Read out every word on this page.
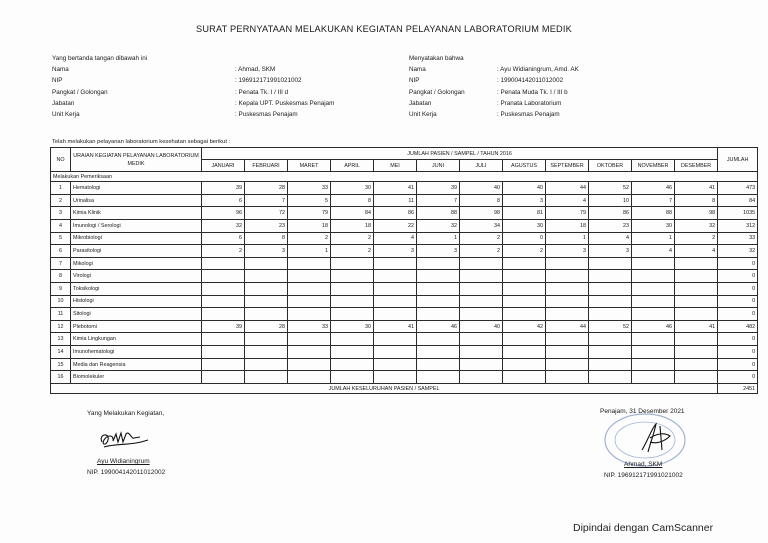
SURAT PERNYATAAN MELAKUKAN KEGIATAN PELAYANAN LABORATORIUM MEDIK
Yang bertanda tangan dibawah ini
Nama	: Ahmad, SKM
NIP	: 196912171991021002
Pangkat / Golongan	: Penata Tk. I / III d
Jabatan	: Kepala UPT. Puskesmas Penajam
Unit Kerja	: Puskesmas Penajam
Menyatakan bahwa
Nama	: Ayu Widianingrum, Amd. AK
NIP	: 199004142011012002
Pangkat / Golongan	: Penata Muda Tk. I / III b
Jabatan	: Pranata Laboratorium
Unit Kerja	: Puskesmas Penajam
Telah melakukan pelayanan laboratorium kesehatan sebagai berikut :
NO	URAIAN KEGIATAN PELAYANAN LABORATORIUM MEDIK	JUMLAH PASIEN / SAMPEL / TAHUN 2016												JUMLAH
		JANUARI	FEBRUARI	MARET	APRIL	MEI	JUNI	JULI	AGUSTUS	SEPTEMBER	OKTOBER	NOVEMBER	DESEMBER	
Melakukan Pemeriksaan														
1	Hematologi	39	28	33	30	41	39	40	40	44	52	46	41	473
2	Urinalisa	6	7	5	8	11	7	8	3	4	10	7	8	84
3	Kimia Klinik	96	72	79	84	86	88	98	81	79	86	88	98	1035
4	Imunologi / Serologi	32	23	18	18	22	32	34	30	18	23	30	32	312
5	Mikrobiologi	6	8	2	2	4	1	2	0	1	4	1	2	33
6	Parasitologi	2	3	1	2	3	3	2	2	3	3	4	4	32
7	Mikologi													0
8	Virologi													0
9	Toksikologi													0
10	Histologi													0
11	Sitologi													0
12	Plebotomi	39	28	33	30	41	46	40	42	44	52	46	41	482
13	Kimia Lingkungan													0
14	Imunohematologi													0
15	Media dan Reagensia													0
16	Biomolekuler													0
JUMLAH KESELURUHAN PASIEN / SAMPEL														2451
Yang Melakukan Kegiatan,
Ayu Widianingrum
NIP. 199004142011012002
Penajam, 31 Desember 2021
Ahmad, SKM
NIP. 196912171991021002
Dipindai dengan CamScanner
